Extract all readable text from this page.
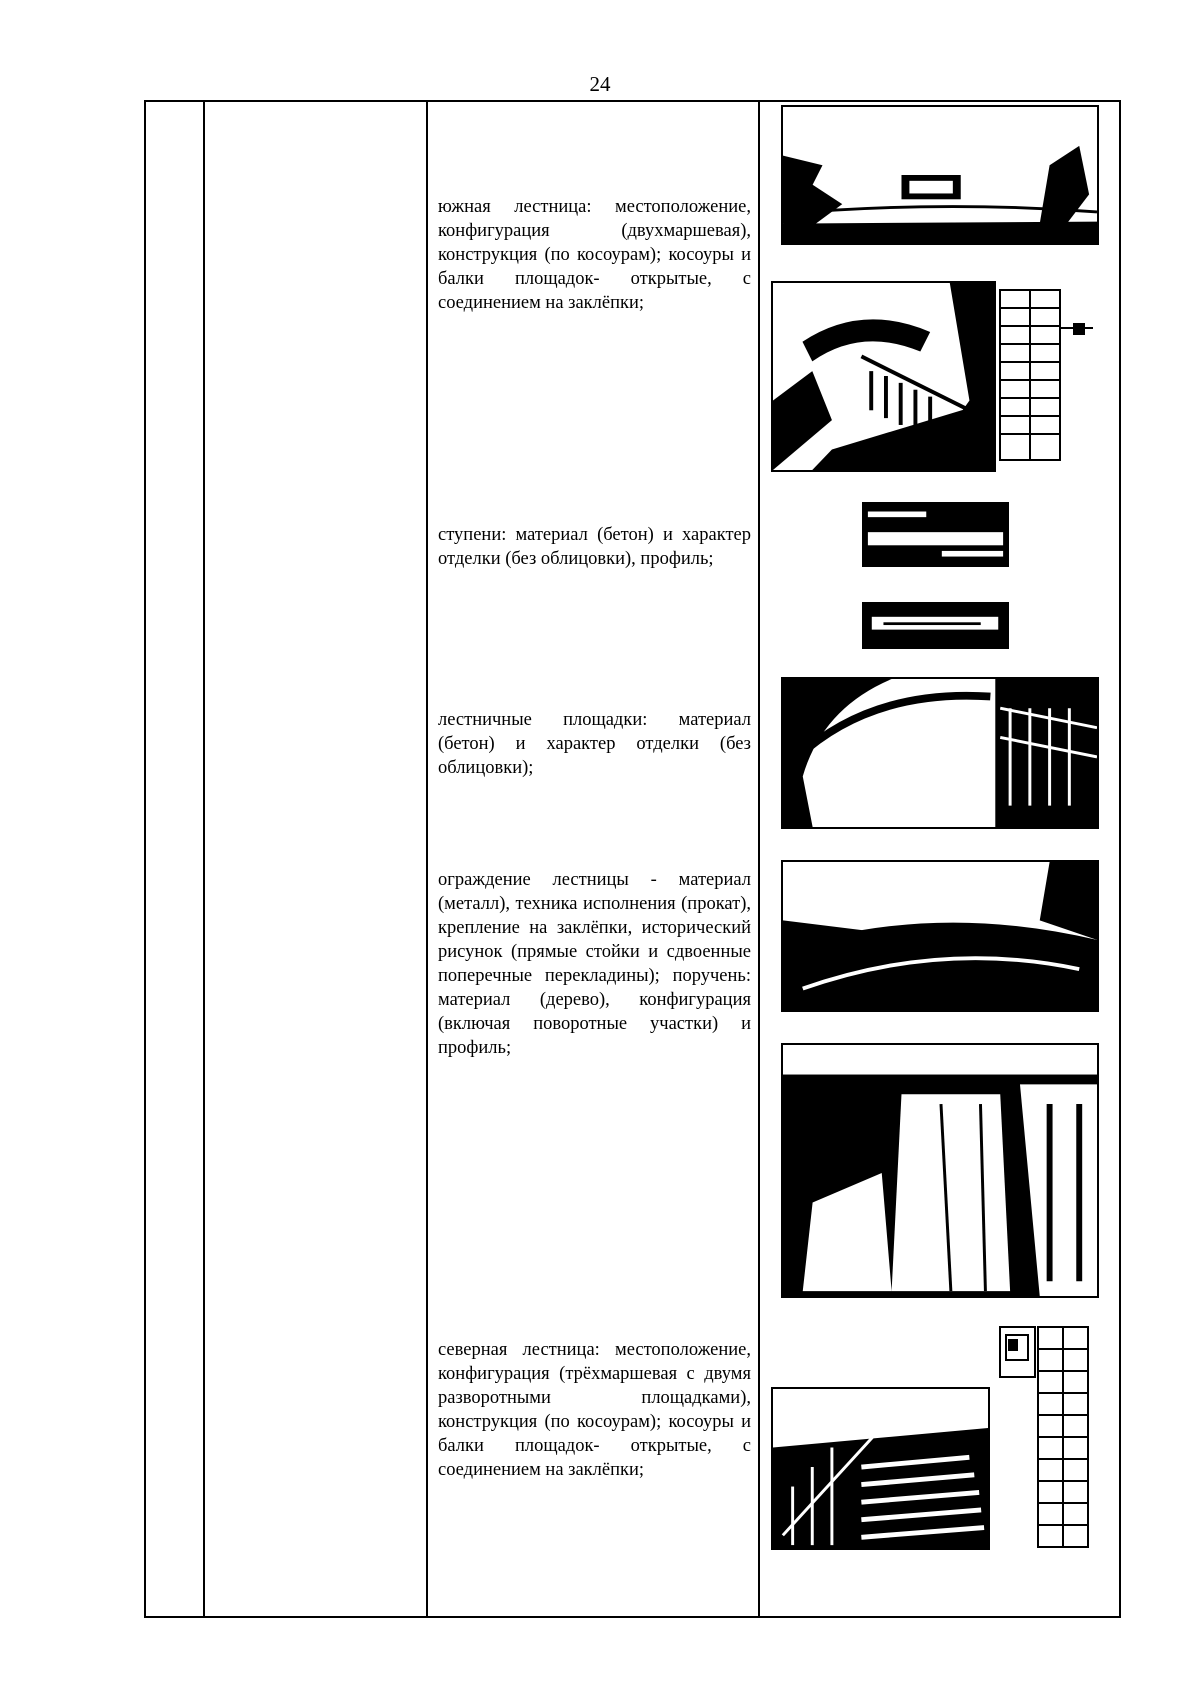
24
южная лестница: местоположение, конфигурация (двухмаршевая), конструкция (по косоурам); косоуры и балки площадок- открытые, с соединением на заклёпки;
ступени: материал (бетон) и характер отделки (без облицовки), профиль;
лестничные площадки: материал (бетон) и характер отделки (без облицовки);
ограждение лестницы - материал (металл), техника исполнения (прокат), крепление на заклёпки, исторический рисунок (прямые стойки и сдвоенные поперечные перекладины); поручень: материал (дерево), конфигурация (включая поворотные участки) и профиль;
северная лестница: местоположение, конфигурация (трёхмаршевая с двумя разворотными площадками), конструкция (по косоурам); косоуры и балки площадок- открытые, с соединением на заклёпки;
